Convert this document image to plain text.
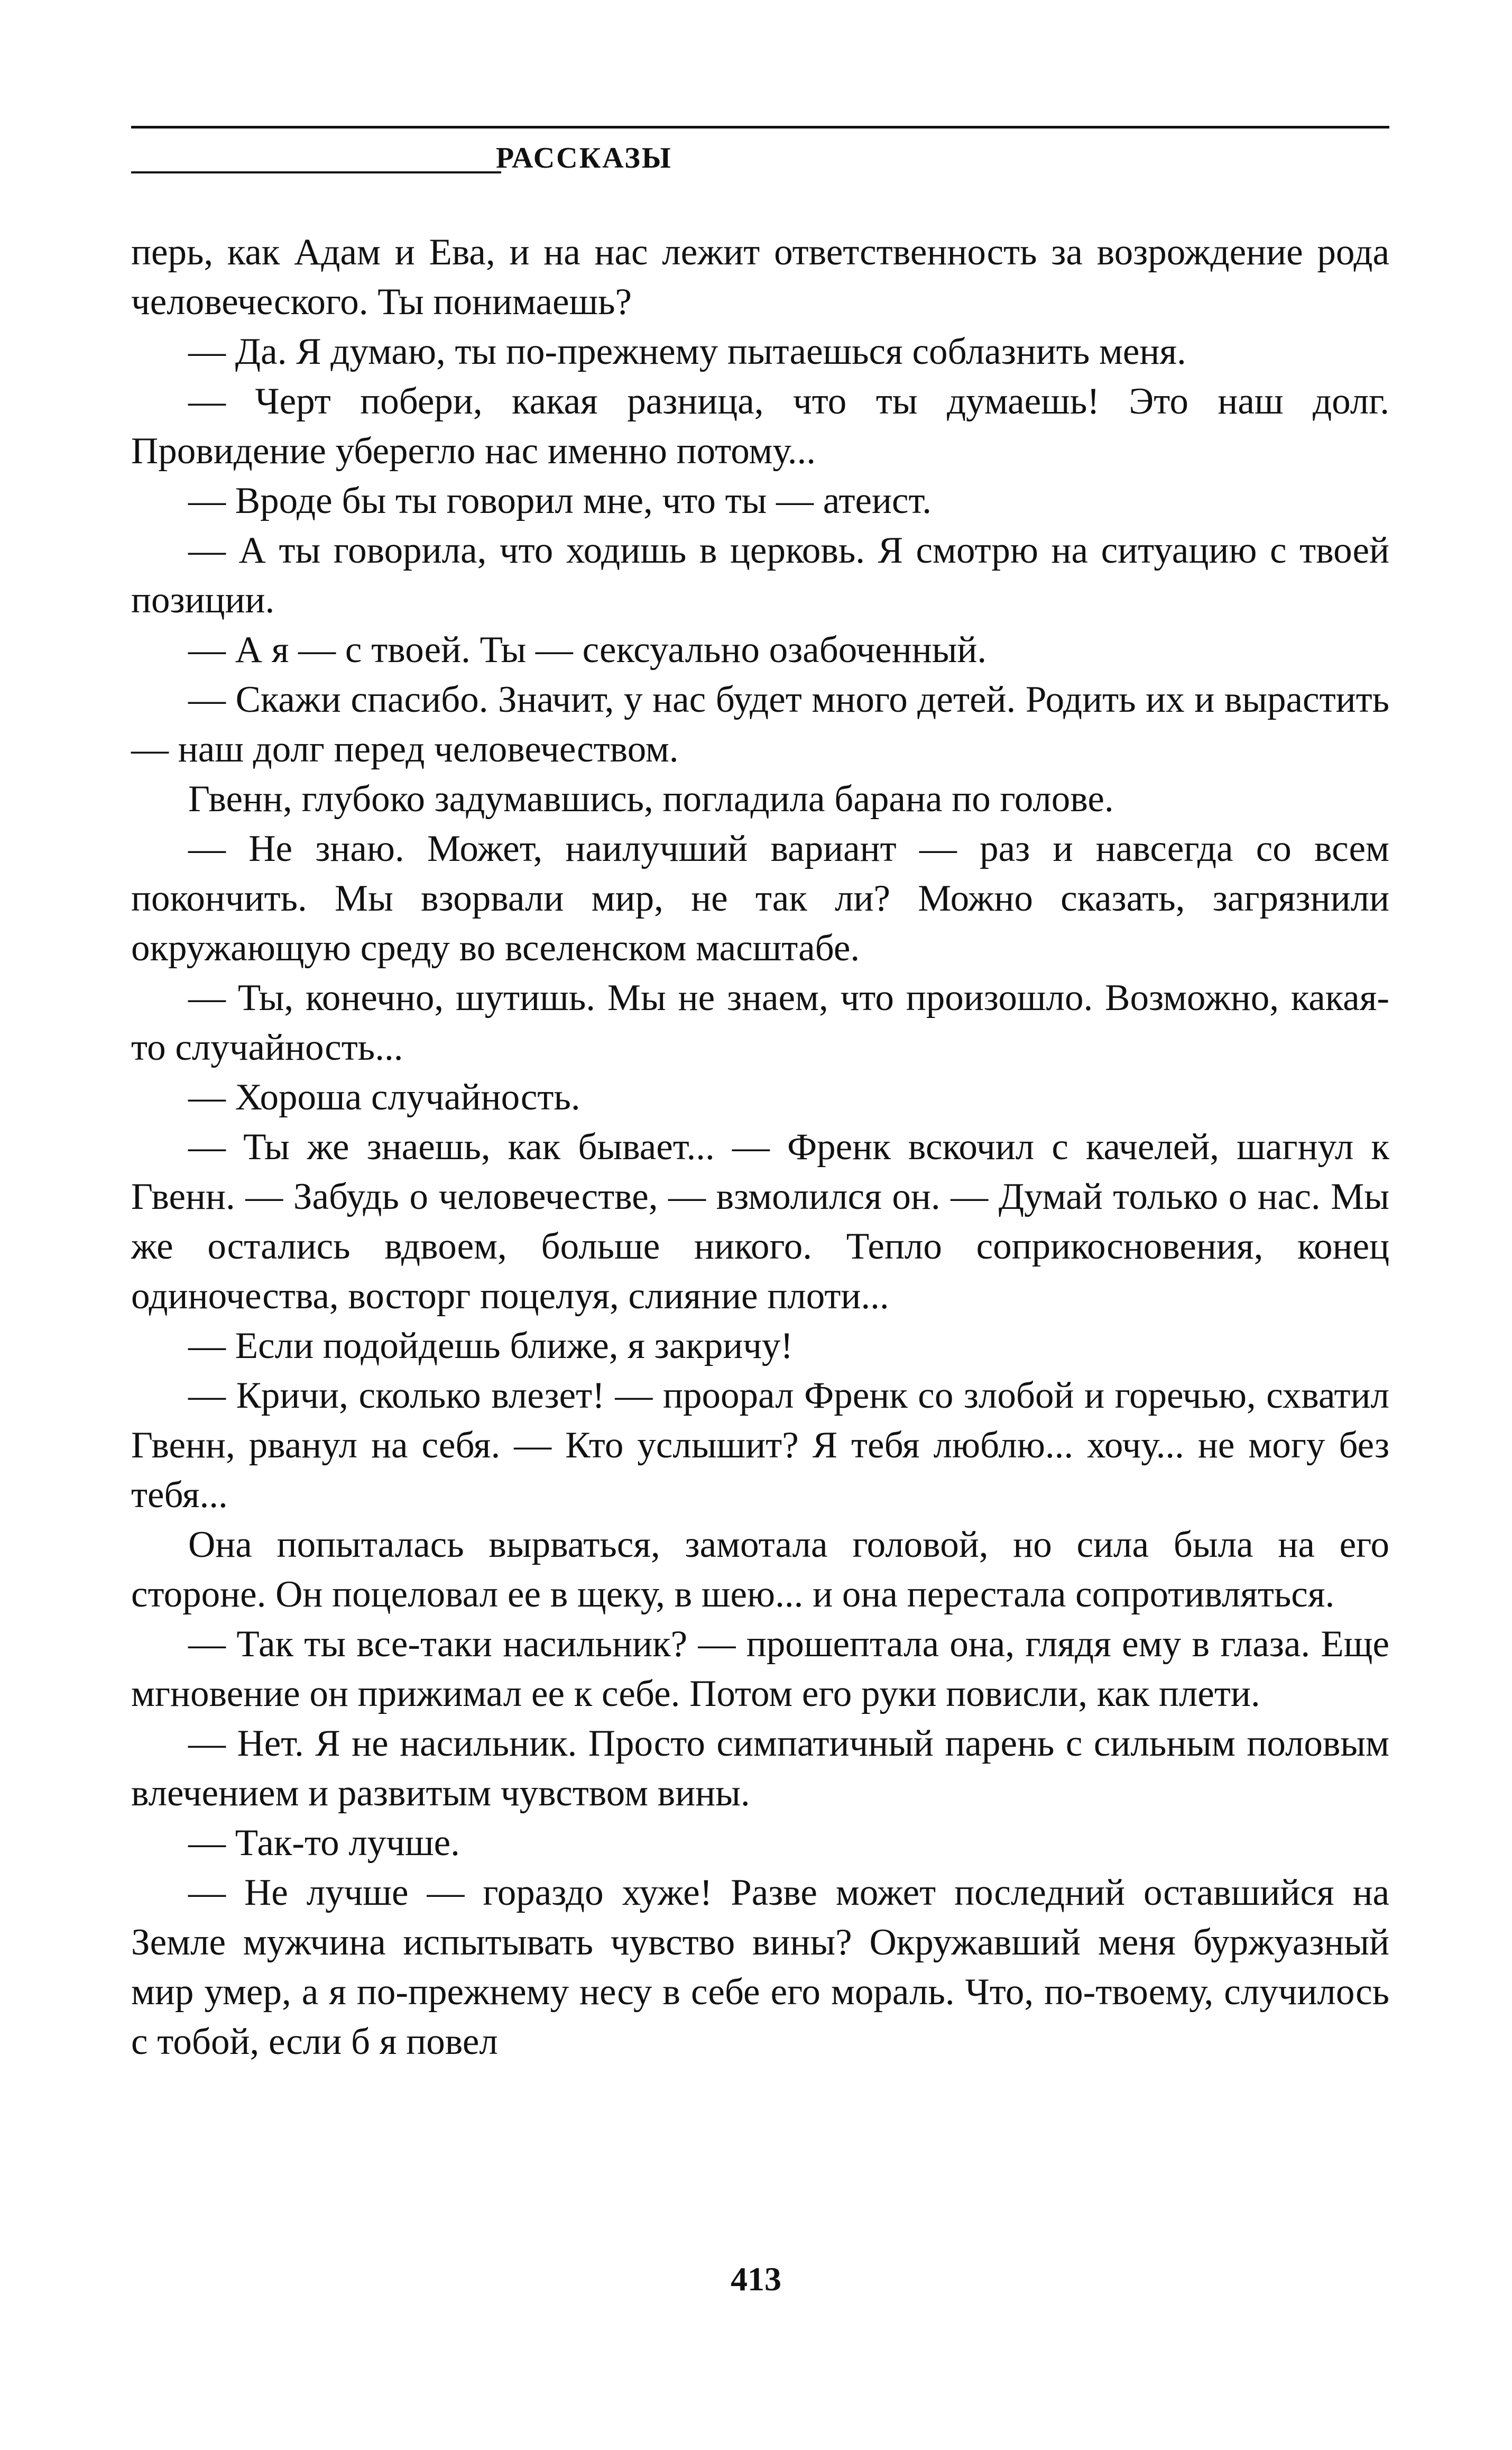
РАССКАЗЫ

перь, как Адам и Ева, и на нас лежит ответственность за возрождение рода человеческого. Ты понимаешь?

— Да. Я думаю, ты по-прежнему пытаешься соблазнить меня.

— Черт побери, какая разница, что ты думаешь! Это наш долг. Провидение уберегло нас именно потому...

— Вроде бы ты говорил мне, что ты — атеист.

— А ты говорила, что ходишь в церковь. Я смотрю на ситуацию с твоей позиции.

— А я — с твоей. Ты — сексуально озабоченный.

— Скажи спасибо. Значит, у нас будет много детей. Родить их и вырастить — наш долг перед человечеством.

Гвенн, глубоко задумавшись, погладила барана по голове.

— Не знаю. Может, наилучший вариант — раз и навсегда со всем покончить. Мы взорвали мир, не так ли? Можно сказать, загрязнили окружающую среду во вселенском масштабе.

— Ты, конечно, шутишь. Мы не знаем, что произошло. Возможно, какая-то случайность...

— Хороша случайность.

— Ты же знаешь, как бывает... — Френк вскочил с качелей, шагнул к Гвенн. — Забудь о человечестве, — взмолился он. — Думай только о нас. Мы же остались вдвоем, больше никого. Тепло соприкосновения, конец одиночества, восторг поцелуя, слияние плоти...

— Если подойдешь ближе, я закричу!

— Кричи, сколько влезет! — проорал Френк со злобой и горечью, схватил Гвенн, рванул на себя. — Кто услышит? Я тебя люблю... хочу... не могу без тебя...

Она попыталась вырваться, замотала головой, но сила была на его стороне. Он поцеловал ее в щеку, в шею... и она перестала сопротивляться.

— Так ты все-таки насильник? — прошептала она, глядя ему в глаза. Еще мгновение он прижимал ее к себе. Потом его руки повисли, как плети.

— Нет. Я не насильник. Просто симпатичный парень с сильным половым влечением и развитым чувством вины.

— Так-то лучше.

— Не лучше — гораздо хуже! Разве может последний оставшийся на Земле мужчина испытывать чувство вины? Окружавший меня буржуазный мир умер, а я по-прежнему несу в себе его мораль. Что, по-твоему, случилось с тобой, если б я повел

413
